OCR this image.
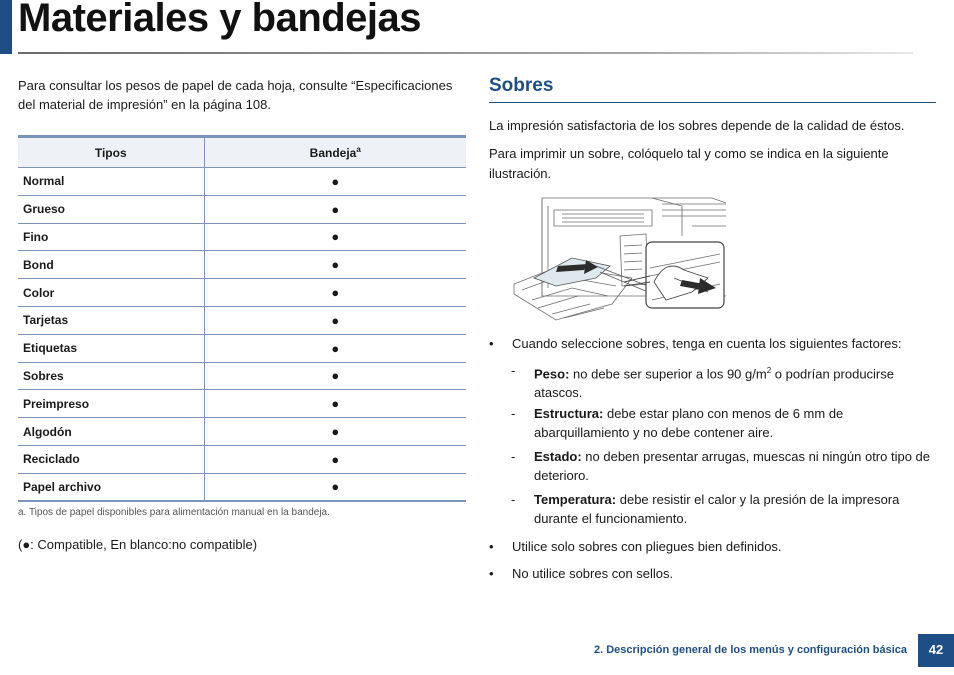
Materiales y bandejas

Para consultar los pesos de papel de cada hoja, consulte “Especificaciones del material de impresión” en la página 108.

Tipos	Bandeja$^a$
Normal	●
Grueso	●
Fino	●
Bond	●
Color	●
Tarjetas	●
Etiquetas	●
Sobres	●
Preimpreso	●
Algodón	●
Reciclado	●
Papel archivo	●

a. Tipos de papel disponibles para alimentación manual en la bandeja.

(●: Compatible, En blanco:no compatible)

Sobres

La impresión satisfactoria de los sobres depende de la calidad de éstos.

Para imprimir un sobre, colóquelo tal y como se indica en la siguiente ilustración.

• Cuando seleccione sobres, tenga en cuenta los siguientes factores:
- Peso: no debe ser superior a los 90 $g/m^2$ o podrían producirse atascos.
- Estructura: debe estar plano con menos de 6 mm de abarquillamiento y no debe contener aire.
- Estado: no deben presentar arrugas, muescas ni ningún otro tipo de deterioro.
- Temperatura: debe resistir el calor y la presión de la impresora durante el funcionamiento.
• Utilice solo sobres con pliegues bien definidos.
• No utilice sobres con sellos.
2. Descripción general de los menús y configuración básica	42
